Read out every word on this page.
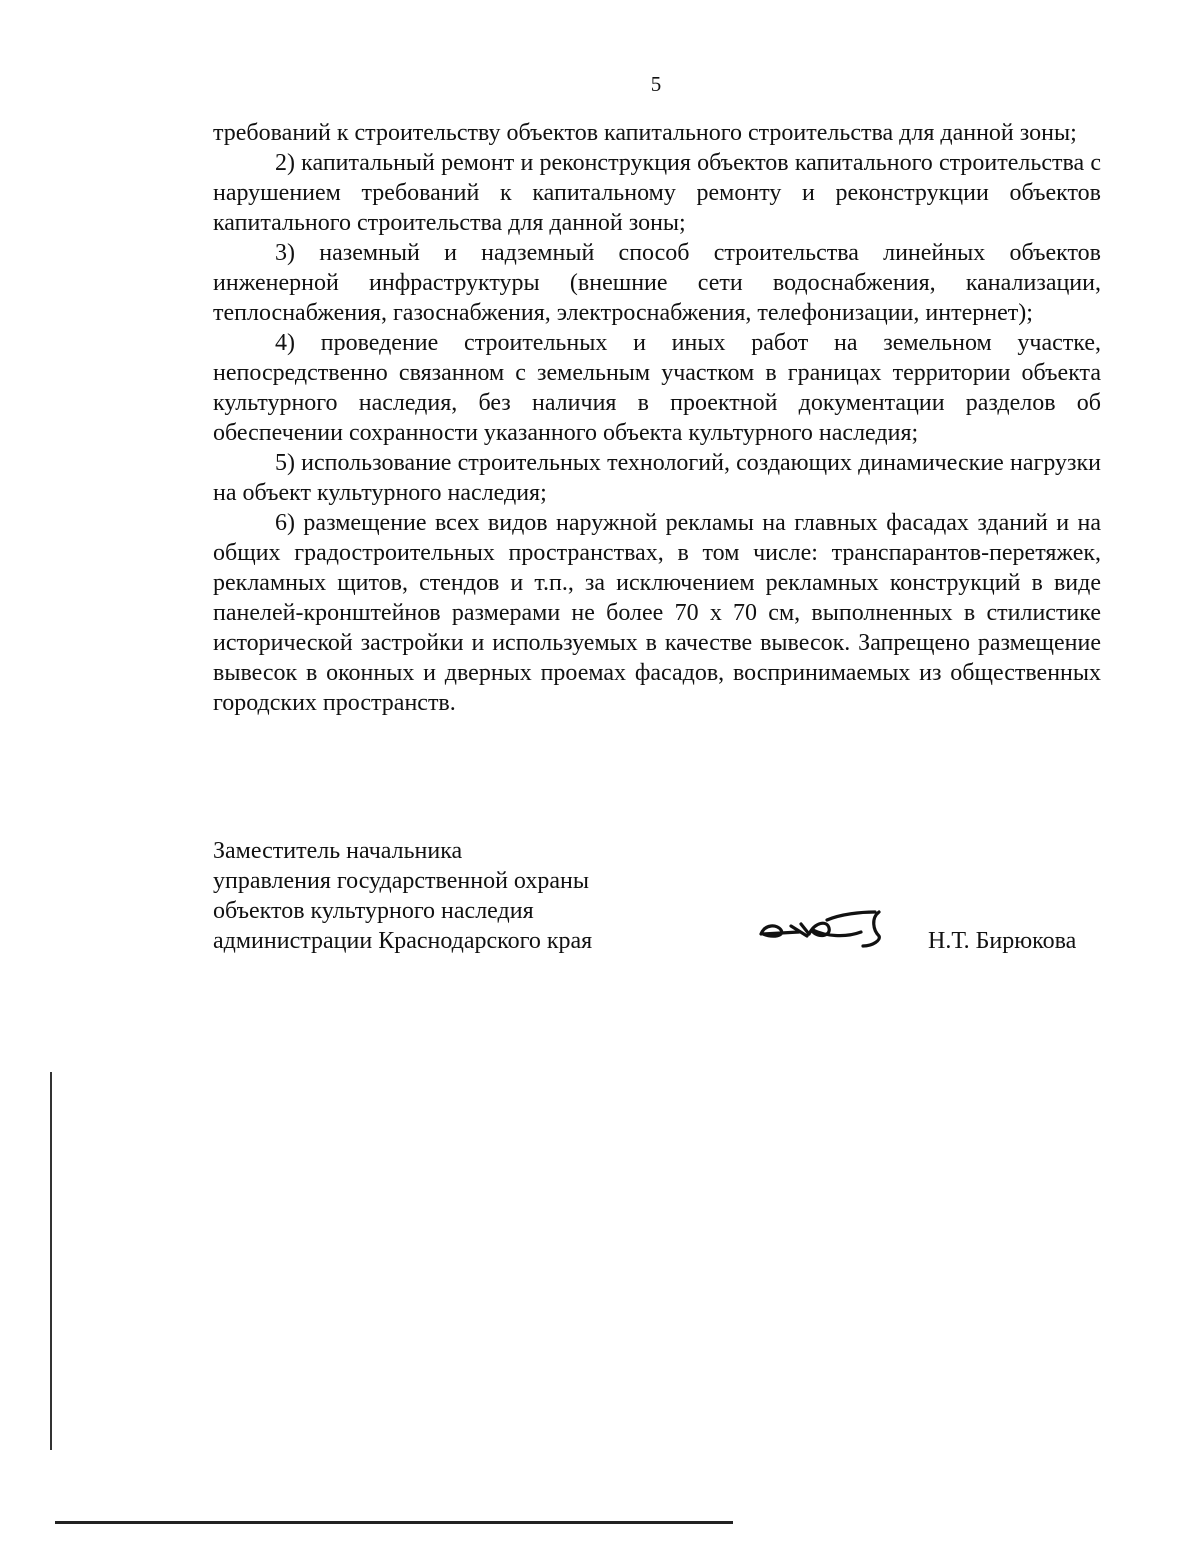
5

требований к строительству объектов капитального строительства для данной зоны;

2) капитальный ремонт и реконструкция объектов капитального строительства с нарушением требований к капитальному ремонту и реконструкции объектов капитального строительства для данной зоны;

3) наземный и надземный способ строительства линейных объектов инженерной инфраструктуры (внешние сети водоснабжения, канализации, теплоснабжения, газоснабжения, электроснабжения, телефонизации, интернет);

4) проведение строительных и иных работ на земельном участке, непосредственно связанном с земельным участком в границах территории объекта культурного наследия, без наличия в проектной документации разделов об обеспечении сохранности указанного объекта культурного наследия;

5) использование строительных технологий, создающих динамические нагрузки на объект культурного наследия;

6) размещение всех видов наружной рекламы на главных фасадах зданий и на общих градостроительных пространствах, в том числе: транспарантов-перетяжек, рекламных щитов, стендов и т.п., за исключением рекламных конструкций в виде панелей-кронштейнов размерами не более 70 х 70 см, выполненных в стилистике исторической застройки и используемых в качестве вывесок. Запрещено размещение вывесок в оконных и дверных проемах фасадов, воспринимаемых из общественных городских пространств.

Заместитель начальника
управления государственной охраны
объектов культурного наследия
администрации Краснодарского края	Н.Т. Бирюкова
